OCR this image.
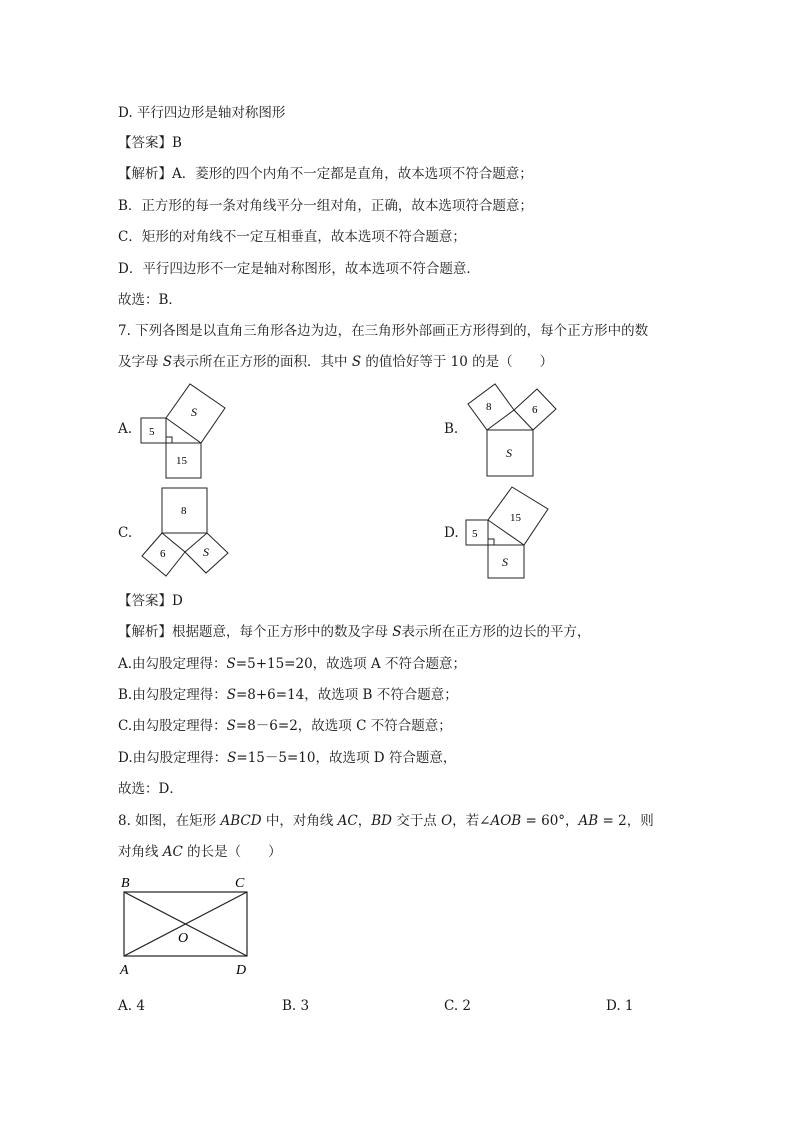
D. 平行四边形是轴对称图形
【答案】B
【解析】A．菱形的四个内角不一定都是直角，故本选项不符合题意；
B．正方形的每一条对角线平分一组对角，正确，故本选项符合题意；
C．矩形的对角线不一定互相垂直，故本选项不符合题意；
D．平行四边形不一定是轴对称图形，故本选项不符合题意．
故选：B．
7. 下列各图是以直角三角形各边为边，在三角形外部画正方形得到的，每个正方形中的数
及字母 S表示所在正方形的面积．其中 S 的值恰好等于 10 的是（　　）
A. 5
S
15
B.
8	6
S
C.
8
6	S
D. 5
15
S
【答案】D
【解析】根据题意，每个正方形中的数及字母 S表示所在正方形的边长的平方，
A.由勾股定理得：S=5+15=20，故选项 A 不符合题意；
B.由勾股定理得：S=8+6=14，故选项 B 不符合题意；
C.由勾股定理得：S=8－6=2，故选项 C 不符合题意；
D.由勾股定理得：S=15－5=10，故选项 D 符合题意，
故选：D．
8. 如图，在矩形 ABCD 中，对角线 AC，BD 交于点 O，若∠AOB = 60°，AB = 2，则
对角线 AC 的长是（　　）
B	C
O
A	D
A. 4	B. 3	C. 2	D. 1
